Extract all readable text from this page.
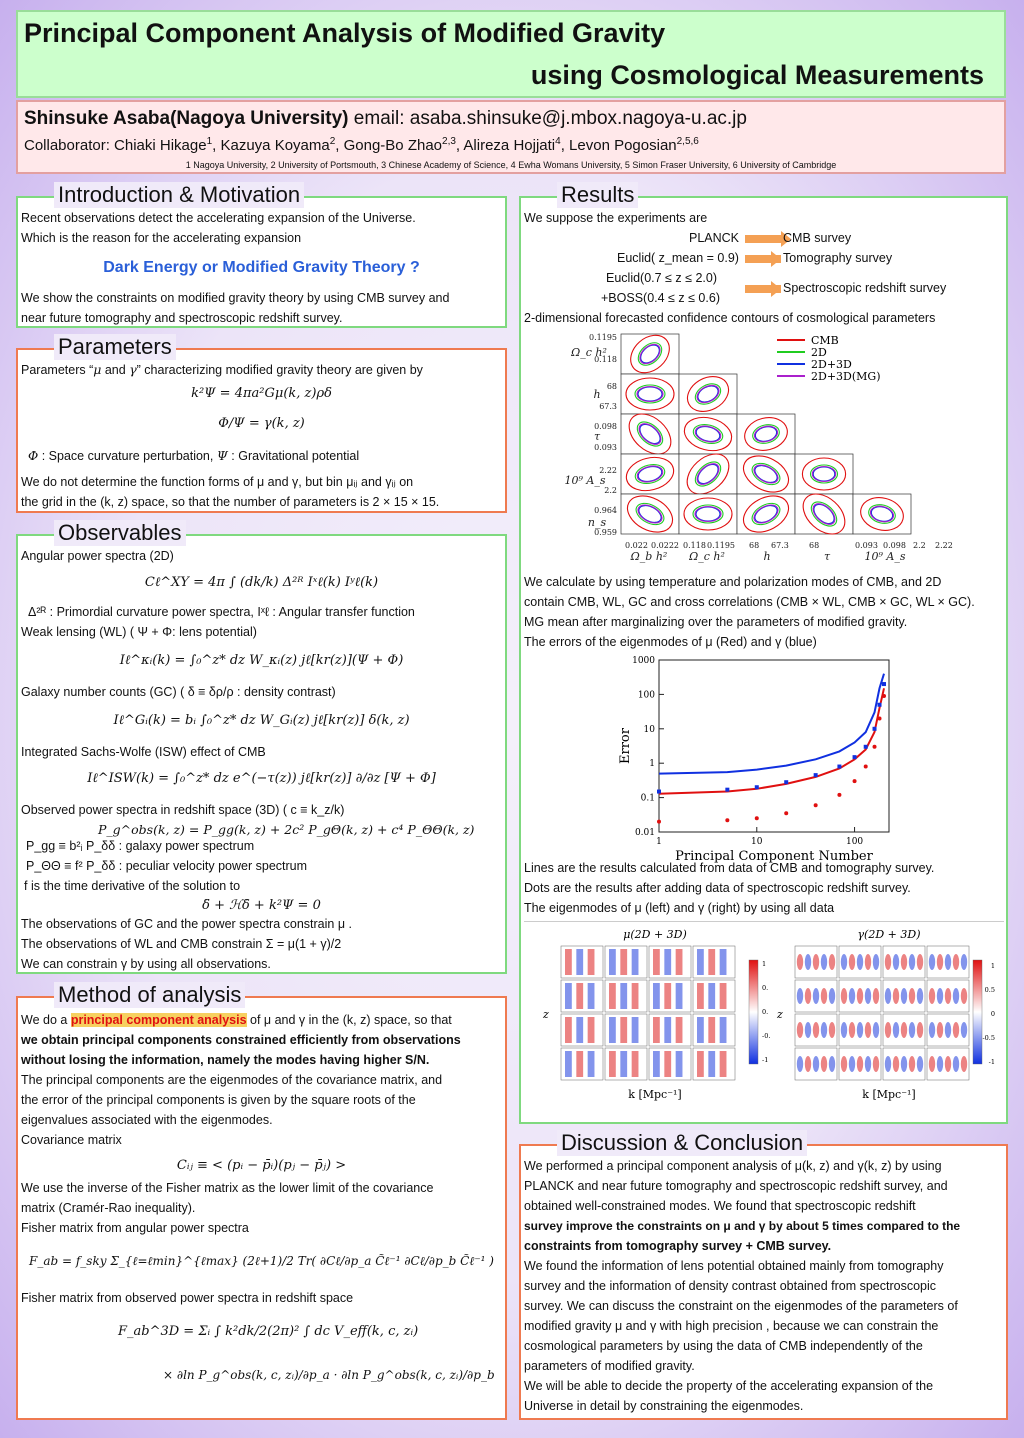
Principal Component Analysis of Modified Gravity
using Cosmological Measurements
Shinsuke Asaba(Nagoya University) email: asaba.shinsuke@j.mbox.nagoya-u.ac.jp
Collaborator: Chiaki Hikage$^1$, Kazuya Koyama$^2$, Gong-Bo Zhao$^{2,3}$, Alireza Hojjati$^4$, Levon Pogosian$^{2,5,6}$
1 Nagoya University, 2 University of Portsmouth, 3 Chinese Academy of Science, 4 Ewha Womans University, 5 Simon Fraser University, 6 University of Cambridge
Introduction & Motivation
Recent observations detect the accelerating expansion of the Universe.
Which is the reason for the accelerating expansion
Dark Energy or Modified Gravity Theory ?
We show the constraints on modified gravity theory by using CMB survey and
near future tomography and spectroscopic redshift survey.
Parameters
Parameters “μ and γ” characterizing modified gravity theory are given by
k²Ψ = 4πa²Gμ(k, z)ρδ
Φ/Ψ = γ(k, z)
Φ : Space curvature perturbation, Ψ : Gravitational potential
We do not determine the function forms of μ and γ, but bin μᵢⱼ and γᵢⱼ on
the grid in the (k, z) space, so that the number of parameters is 2 × 15 × 15.
Observables
Angular power spectra (2D)
Cℓ^XY = 4π ∫ (dk/k) Δ²ᴿ Iˣℓ(k) Iʸℓ(k)
Δ²ᴿ : Primordial curvature power spectra, Iˣℓ : Angular transfer function
Weak lensing (WL) ( Ψ + Φ: lens potential)
Iℓ^κᵢ(k) = ∫₀^z* dz W_κᵢ(z) jℓ[kr(z)](Ψ + Φ)
Galaxy number counts (GC) ( δ ≡ δρ/ρ : density contrast)
Iℓ^Gᵢ(k) = bᵢ ∫₀^z* dz W_Gᵢ(z) jℓ[kr(z)] δ(k, z)
Integrated Sachs-Wolfe (ISW) effect of CMB
Iℓ^ISW(k) = ∫₀^z* dz e^(−τ(z)) jℓ[kr(z)] ∂/∂z [Ψ + Φ]
Observed power spectra in redshift space (3D) ( c ≡ k_z/k)
P_g^obs(k, z) = P_gg(k, z) + 2c² P_gΘ(k, z) + c⁴ P_ΘΘ(k, z)
P_gg ≡ b²ᵢ P_δδ : galaxy power spectrum
P_ΘΘ ≡ f² P_δδ : peculiar velocity power spectrum
f is the time derivative of the solution to
δ̈ + ℋδ̇ + k²Ψ = 0
The observations of GC and the power spectra constrain μ .
The observations of WL and CMB constrain Σ = μ(1 + γ)/2
We can constrain γ by using all observations.
Method of analysis
We do a principal component analysis of μ and γ in the (k, z) space, so that
we obtain principal components constrained efficiently from observations
without losing the information, namely the modes having higher S/N.
The principal components are the eigenmodes of the covariance matrix, and
the error of the principal components is given by the square roots of the
eigenvalues associated with the eigenmodes.
Covariance matrix
Cᵢⱼ ≡ < (pᵢ − p̄ᵢ)(pⱼ − p̄ⱼ) >
We use the inverse of the Fisher matrix as the lower limit of the covariance
matrix (Cramér-Rao inequality).
Fisher matrix from angular power spectra
F_ab = f_sky Σ_{ℓ=ℓmin}^{ℓmax} (2ℓ+1)/2 Tr( ∂Cℓ/∂p_a C̃ℓ⁻¹ ∂Cℓ/∂p_b C̃ℓ⁻¹ )
Fisher matrix from observed power spectra in redshift space
F_ab^3D = Σᵢ ∫ k²dk/2(2π)² ∫ dc V_eff(k, c, zᵢ)
× ∂ln P_g^obs(k, c, zᵢ)/∂p_a · ∂ln P_g^obs(k, c, zᵢ)/∂p_b
Results
We suppose the experiments are
PLANCK	CMB survey
Euclid( z_mean = 0.9)	Tomography survey
Euclid(0.7 ≤ z ≤ 2.0)
+BOSS(0.4 ≤ z ≤ 0.6)
Spectroscopic redshift survey
2-dimensional forecasted confidence contours of cosmological parameters
0.1195
0.118
68
67.3
0.098
0.093
2.22
2.2
0.964
0.959
0.022 0.0222 0.118 0.1195 68 67.3	68	0.093 0.098 2.2 2.22
Ω_c h²
h
τ
10⁹ A_s
n_s
Ω_b h² Ω_c h²	h	τ	10⁹ A_s
CMB
2D
2D+3D
2D+3D(MG)
We calculate by using temperature and polarization modes of CMB, and 2D
contain CMB, WL, GC and cross correlations (CMB × WL, CMB × GC, WL × GC).
MG mean after marginalizing over the parameters of modified gravity.
The errors of the eigenmodes of μ (Red) and γ (blue)
0.01
0.1
1
10
100
1000
1	10	100
Error
Principal Component Number
Lines are the results calculated from data of CMB and tomography survey.
Dots are the results after adding data of spectroscopic redshift survey.
The eigenmodes of μ (left) and γ (right) by using all data
μ(2D + 3D)	γ(2D + 3D)
z	z
k [Mpc⁻¹]	k [Mpc⁻¹]
1
0.
0.
-0.
-1
1
0.5
0
-0.5
-1
Discussion & Conclusion
We performed a principal component analysis of μ(k, z) and γ(k, z) by using
PLANCK and near future tomography and spectroscopic redshift survey, and
obtained well-constrained modes. We found that spectroscopic redshift
survey improve the constraints on μ and γ by about 5 times compared to the
constraints from tomography survey + CMB survey.
We found the information of lens potential obtained mainly from tomography
survey and the information of density contrast obtained from spectroscopic
survey. We can discuss the constraint on the eigenmodes of the parameters of
modified gravity μ and γ with high precision , because we can constrain the
cosmological parameters by using the data of CMB independently of the
parameters of modified gravity.
We will be able to decide the property of the accelerating expansion of the
Universe in detail by constraining the eigenmodes.
